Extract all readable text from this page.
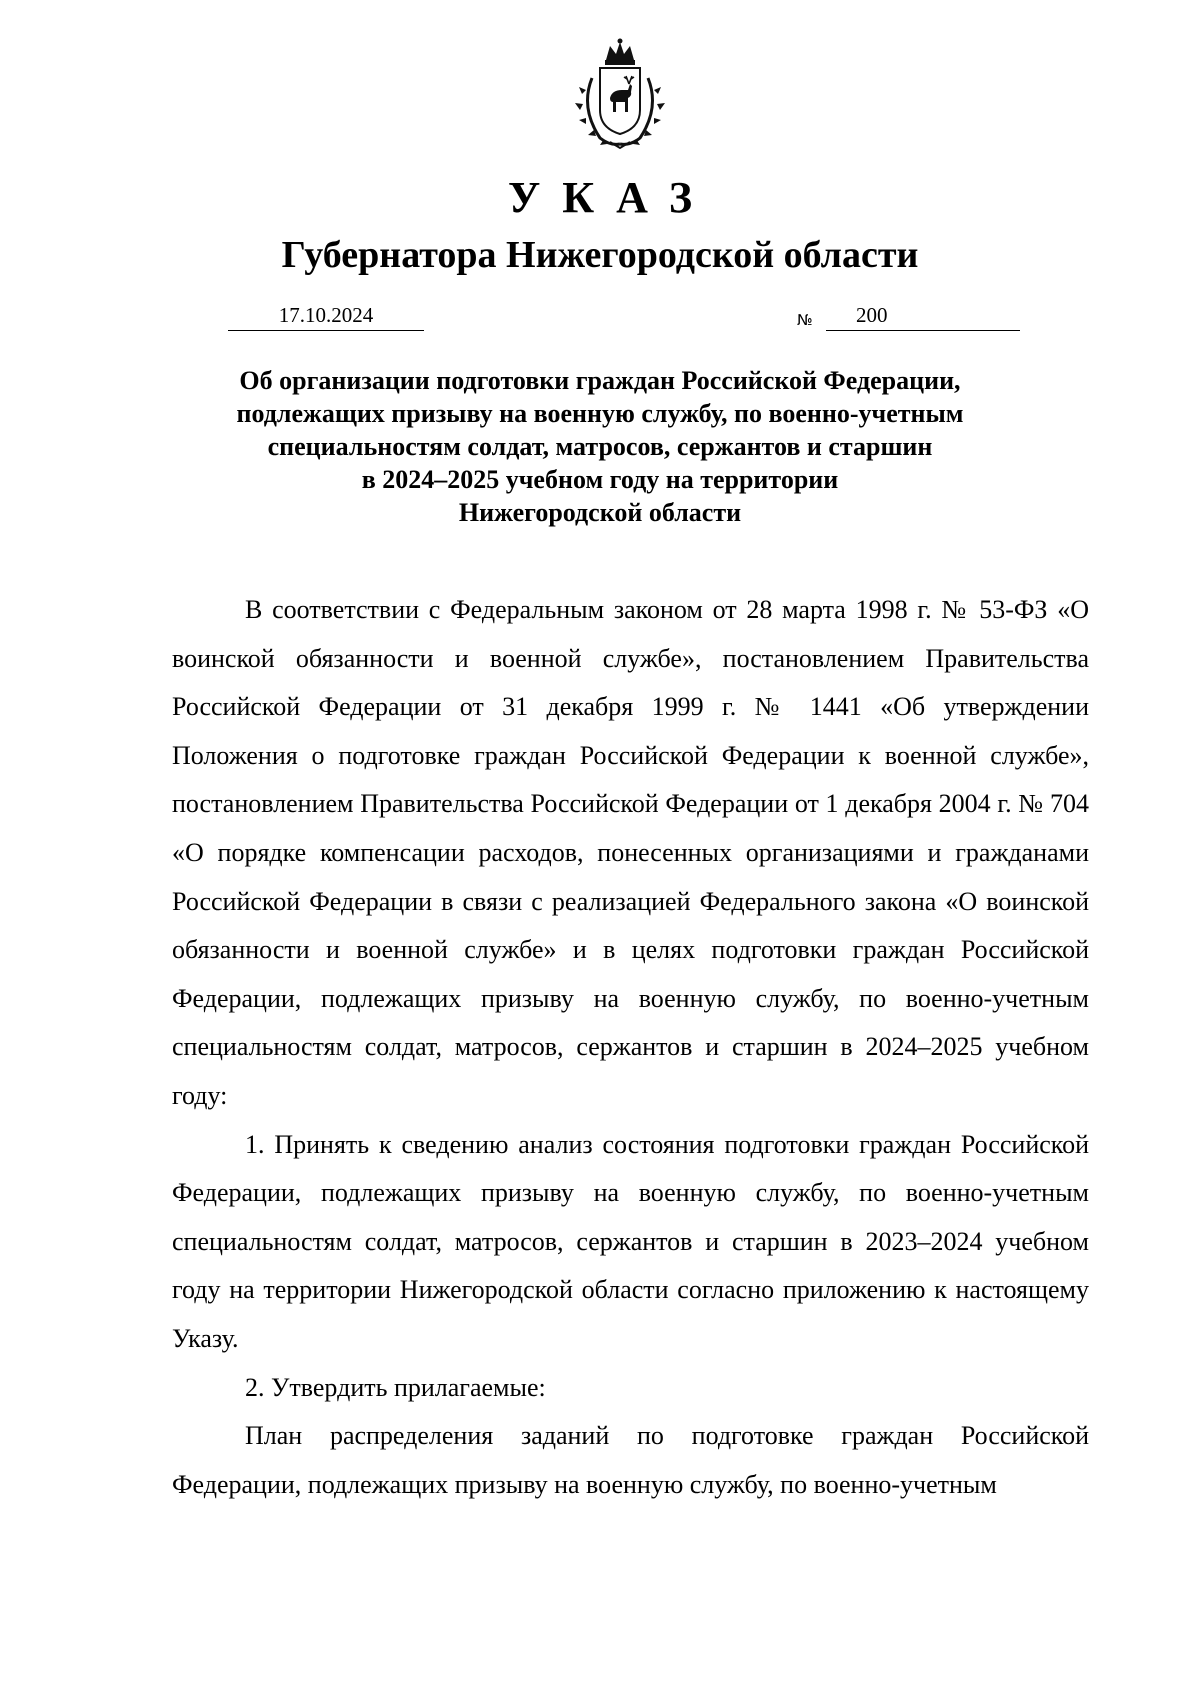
УКАЗ
Губернатора Нижегородской области
17.10.2024	№ 200
Об организации подготовки граждан Российской Федерации,
подлежащих призыву на военную службу, по военно-учетным
специальностям солдат, матросов, сержантов и старшин
в 2024–2025 учебном году на территории
Нижегородской области

В соответствии с Федеральным законом от 28 марта 1998 г. № 53-ФЗ «О воинской обязанности и военной службе», постановлением Правительства Российской Федерации от 31 декабря 1999 г. № 1441 «Об утверждении Положения о подготовке граждан Российской Федерации к военной службе», постановлением Правительства Российской Федерации от 1 декабря 2004 г. № 704 «О порядке компенсации расходов, понесенных организациями и гражданами Российской Федерации в связи с реализацией Федерального закона «О воинской обязанности и военной службе» и в целях подготовки граждан Российской Федерации, подлежащих призыву на военную службу, по военно-учетным специальностям солдат, матросов, сержантов и старшин в 2024–2025 учебном году:

1. Принять к сведению анализ состояния подготовки граждан Российской Федерации, подлежащих призыву на военную службу, по военно-учетным специальностям солдат, матросов, сержантов и старшин в 2023–2024 учебном году на территории Нижегородской области согласно приложению к настоящему Указу.

2. Утвердить прилагаемые:

План распределения заданий по подготовке граждан Российской Федерации, подлежащих призыву на военную службу, по военно-учетным
